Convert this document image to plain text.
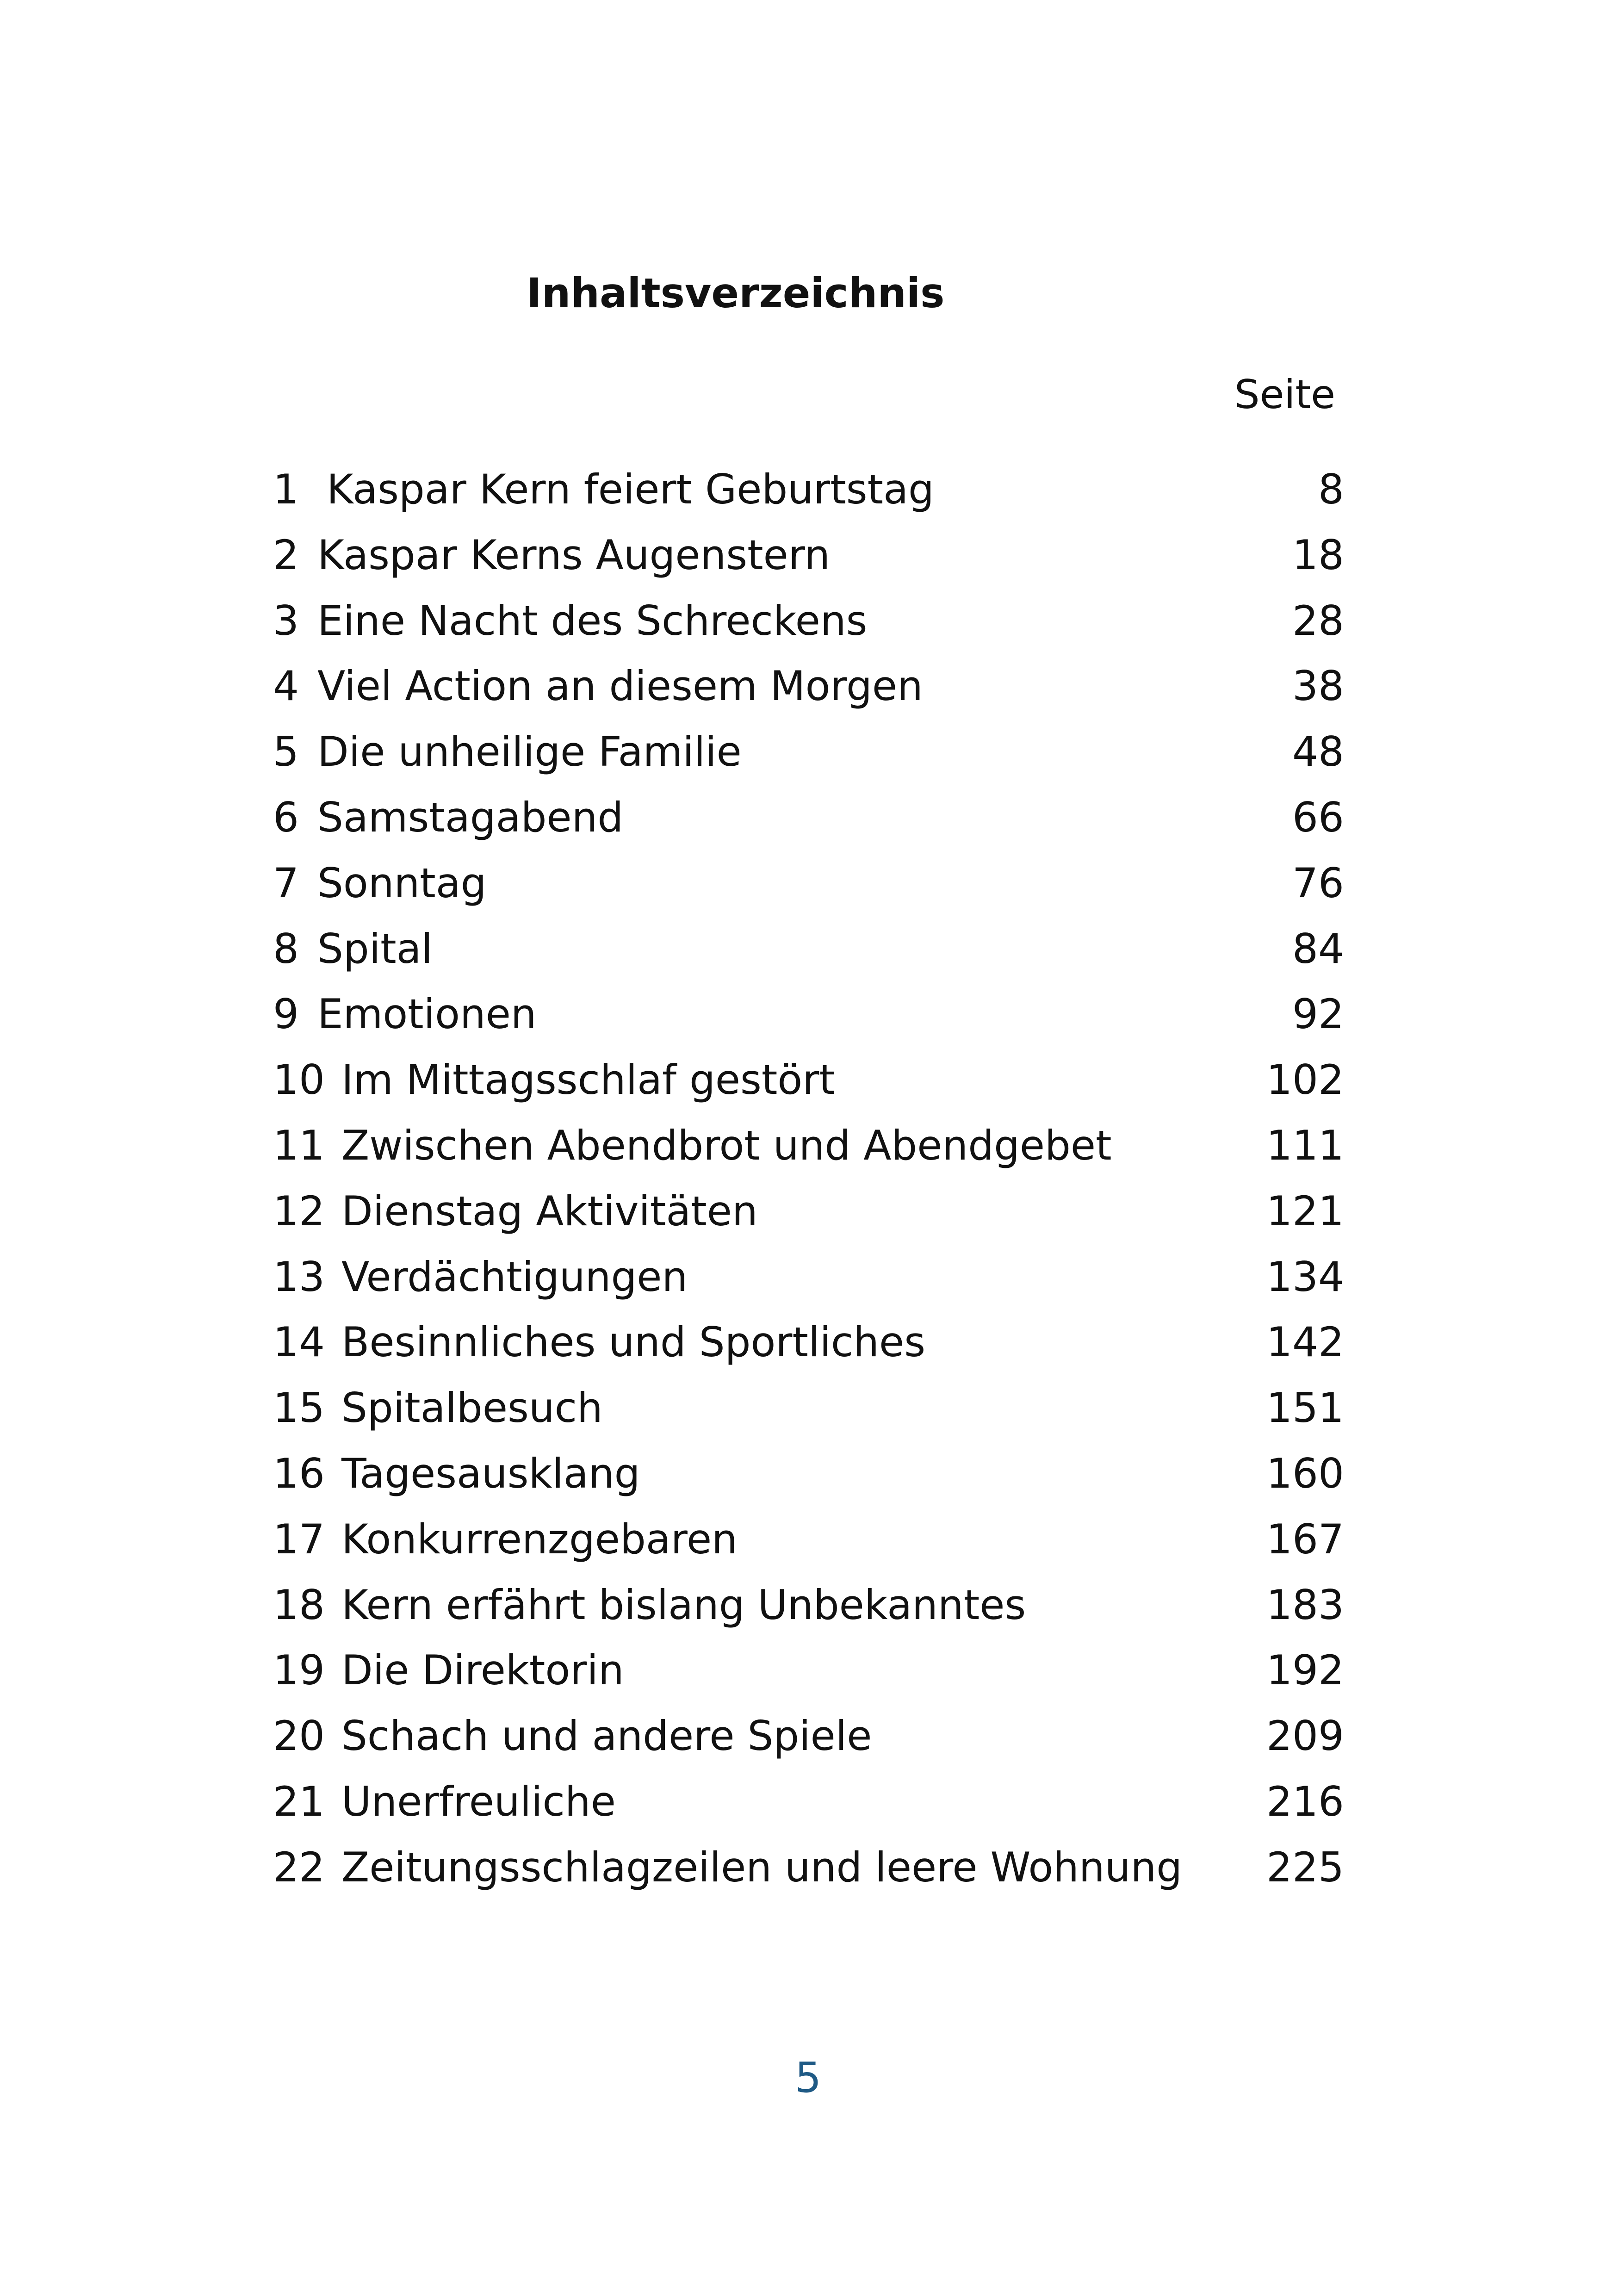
Inhaltsverzeichnis
Seite
1 Kaspar Kern feiert Geburtstag	8
2 Kaspar Kerns Augenstern	18
3 Eine Nacht des Schreckens	28
4 Viel Action an diesem Morgen	38
5 Die unheilige Familie	48
6 Samstagabend	66
7 Sonntag	76
8 Spital	84
9 Emotionen	92
10 Im Mittagsschlaf gestört	102
11 Zwischen Abendbrot und Abendgebet	111
12 Dienstag Aktivitäten	121
13 Verdächtigungen	134
14 Besinnliches und Sportliches	142
15 Spitalbesuch	151
16 Tagesausklang	160
17 Konkurrenzgebaren	167
18 Kern erfährt bislang Unbekanntes	183
19 Die Direktorin	192
20 Schach und andere Spiele	209
21 Unerfreuliche	216
22 Zeitungsschlagzeilen und leere Wohnung 225
5
